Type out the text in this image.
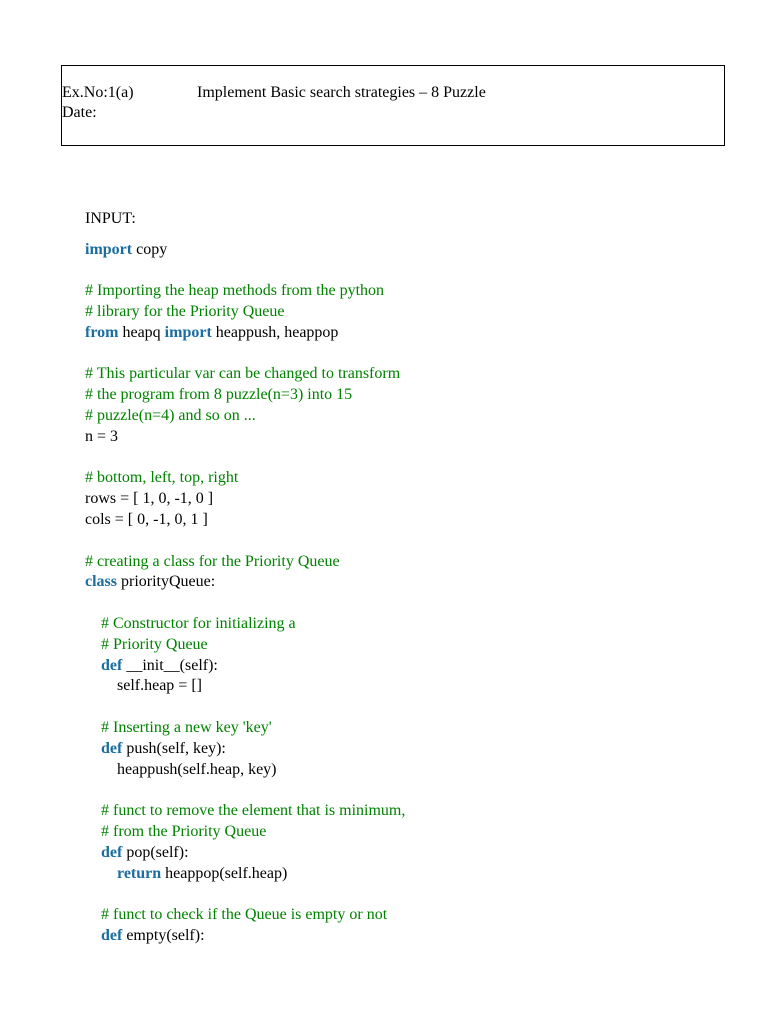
Ex.No:1(a)	Implement Basic search strategies – 8 Puzzle
Date:
INPUT:
import copy
# Importing the heap methods from the python
# library for the Priority Queue
from heapq import heappush, heappop
# This particular var can be changed to transform
# the program from 8 puzzle(n=3) into 15
# puzzle(n=4) and so on ...
n = 3
# bottom, left, top, right
rows = [ 1, 0, -1, 0 ]
cols = [ 0, -1, 0, 1 ]
# creating a class for the Priority Queue
class priorityQueue:
# Constructor for initializing a
# Priority Queue
def __init__(self):
self.heap = []
# Inserting a new key 'key'
def push(self, key):
heappush(self.heap, key)
# funct to remove the element that is minimum,
# from the Priority Queue
def pop(self):
return heappop(self.heap)
# funct to check if the Queue is empty or not
def empty(self):
